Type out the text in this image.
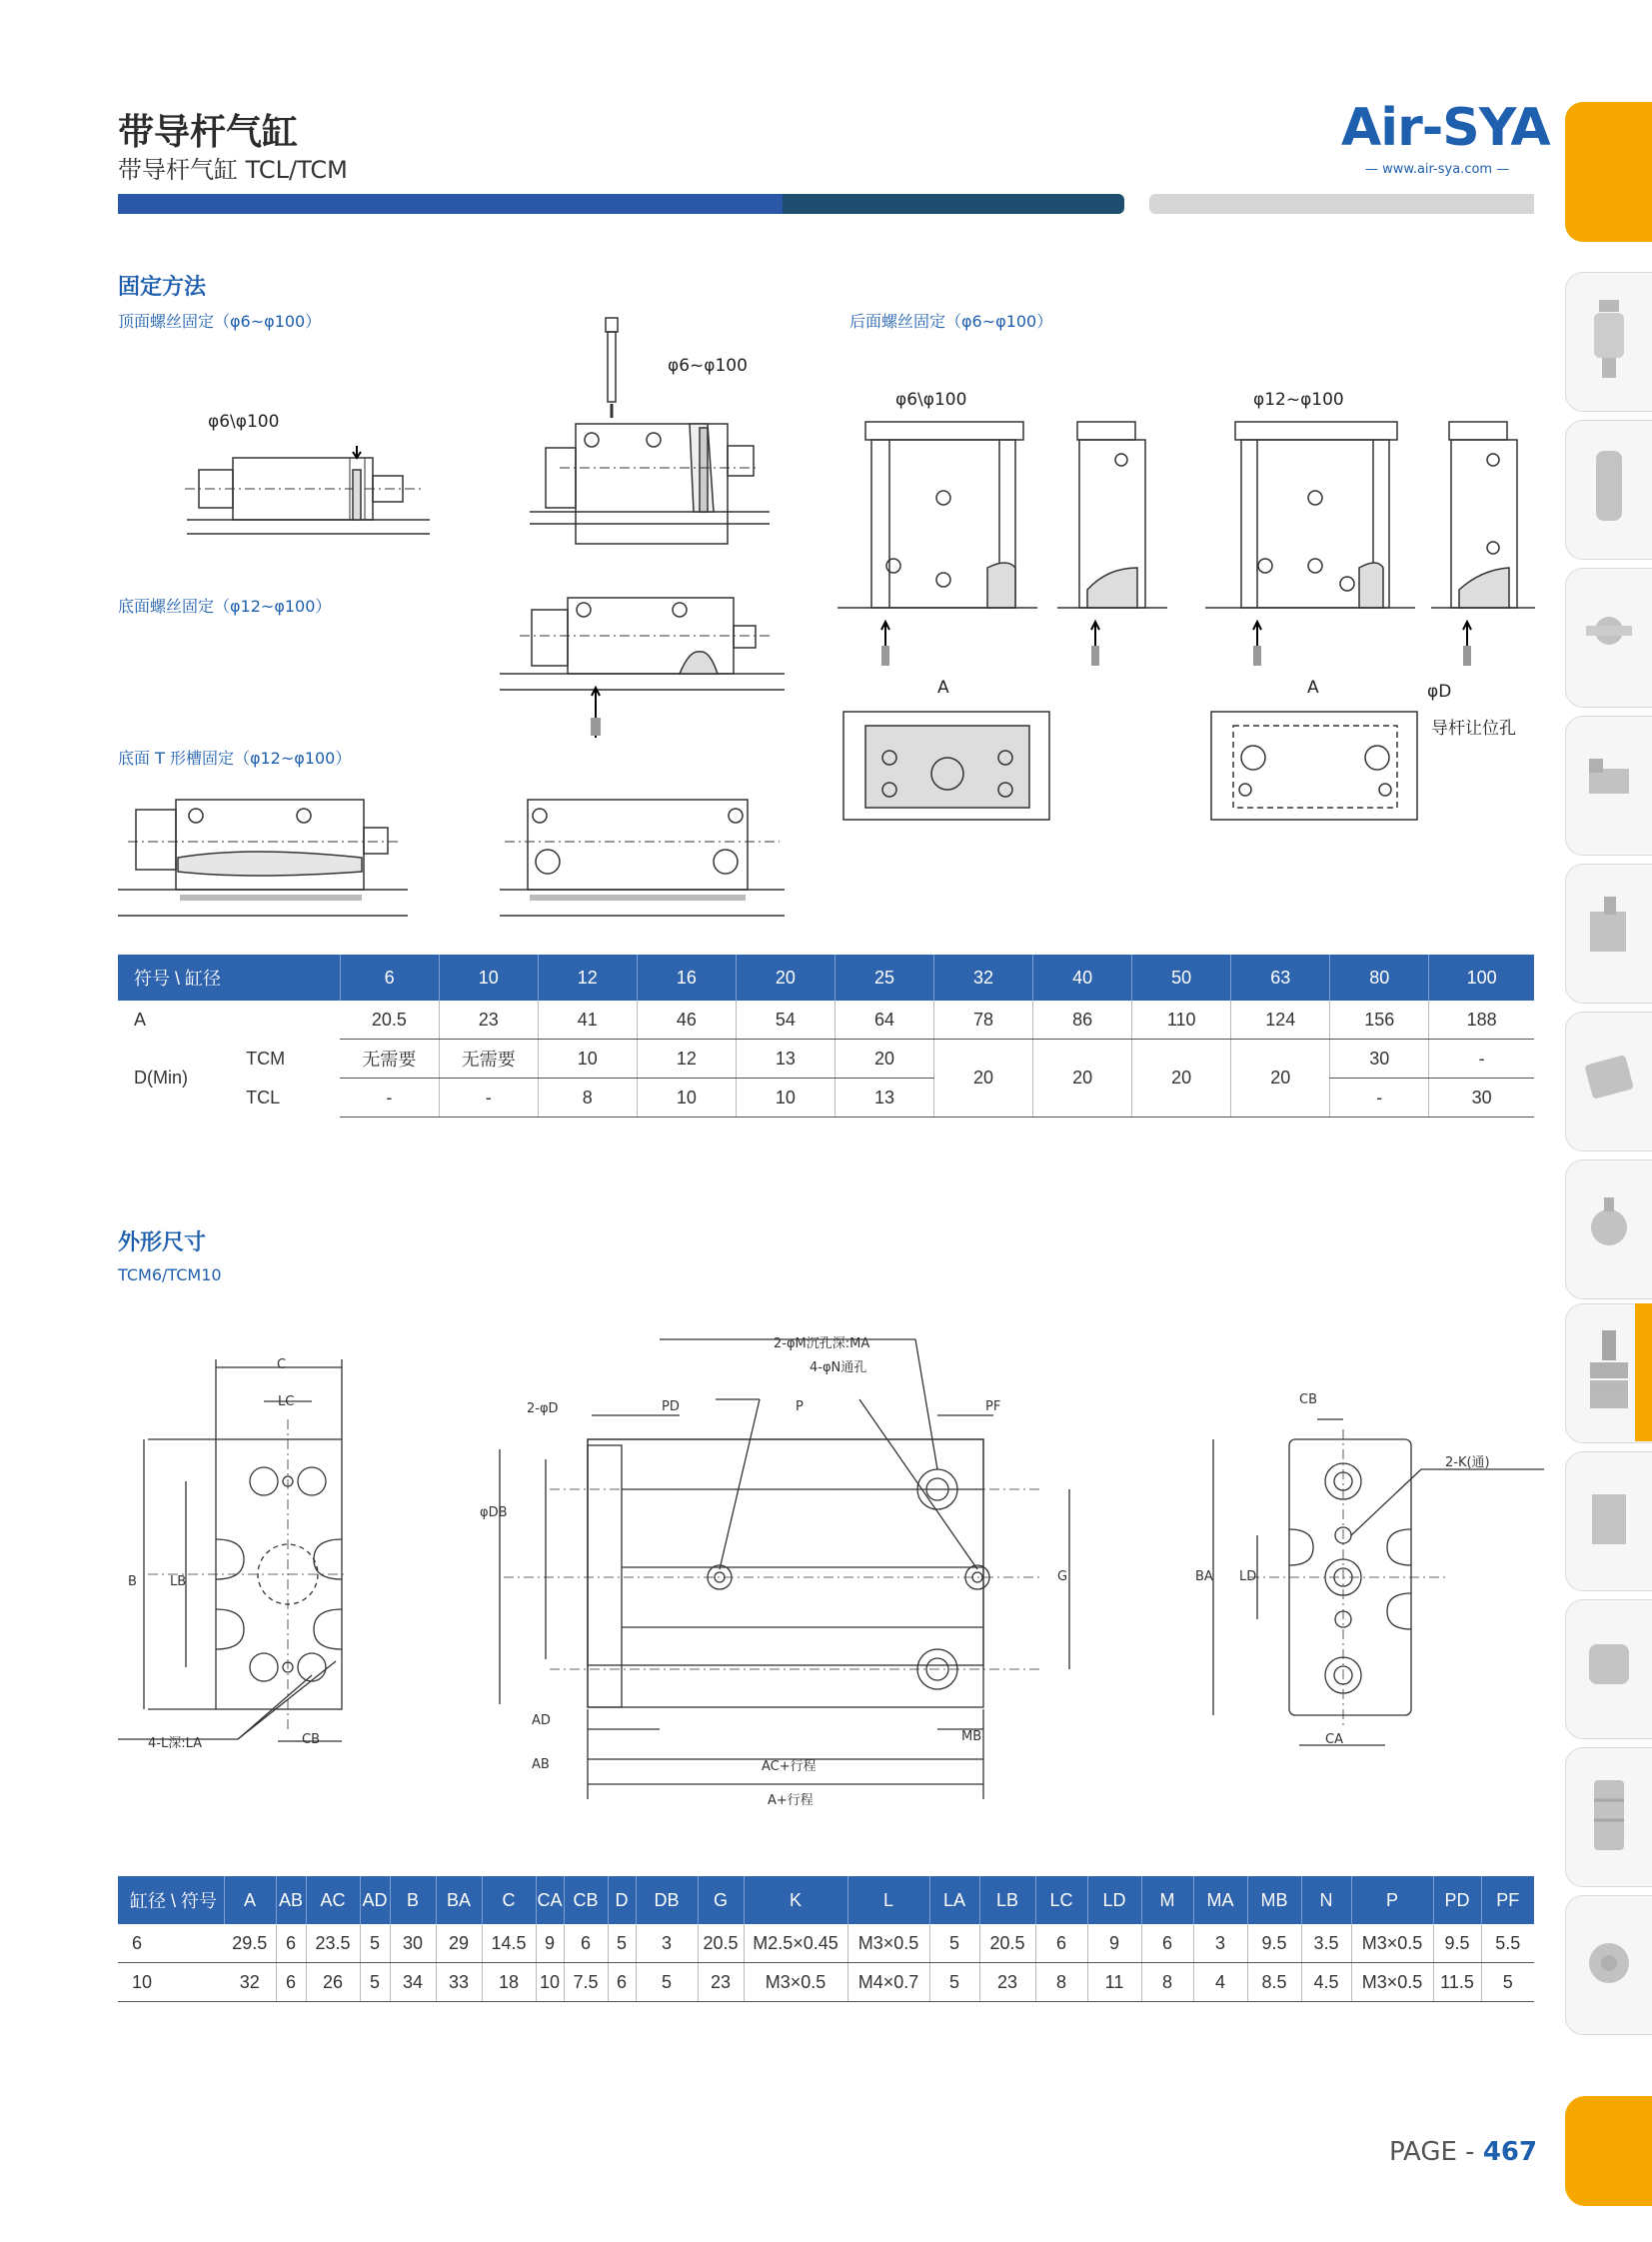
带导杆气缸
带导杆气缸 TCL/TCM
Air-SYA
— www.air-sya.com —
固定方法
顶面螺丝固定（φ6~φ100）
底面螺丝固定（φ12~φ100）
底面 T 形槽固定（φ12~φ100）
后面螺丝固定（φ6~φ100）
φ6\φ100
φ6~φ100
φ6\φ100	φ12~φ100
A	A	φD
导杆让位孔
符号 \ 缸径		6	10	12	16	20	25	32	40	50	63	80	100
A		20.5	23	41	46	54	64	78	86	110	124	156	188
D(Min)	TCM	无需要	无需要	10	12	13	20	20	20	20	20	30	-
	TCL	-	-	8	10	10	13					-	30
外形尺寸
TCM6/TCM10
C
LC
B	LB
4-L深:LA	CB
2-φM沉孔深:MA
4-φN通孔
PD	P	PF
2-φD
φDB
G
AD
AB
MB
AC+行程
A+行程
CB
2-K(通)
BA LD
CA
缸径 \ 符号	A	AB	AC	AD	B	BA	C	CA	CB	D	DB	G	K	L	LA	LB	LC	LD	M	MA	MB	N	P	PD	PF
6	29.5	6	23.5	5	30	29	14.5	9	6	5	3	20.5	M2.5×0.45	M3×0.5	5	20.5	6	9	6	3	9.5	3.5	M3×0.5	9.5	5.5
10	32	6	26	5	34	33	18	10	7.5	6	5	23	M3×0.5	M4×0.7	5	23	8	11	8	4	8.5	4.5	M3×0.5	11.5	5
PAGE - 467
